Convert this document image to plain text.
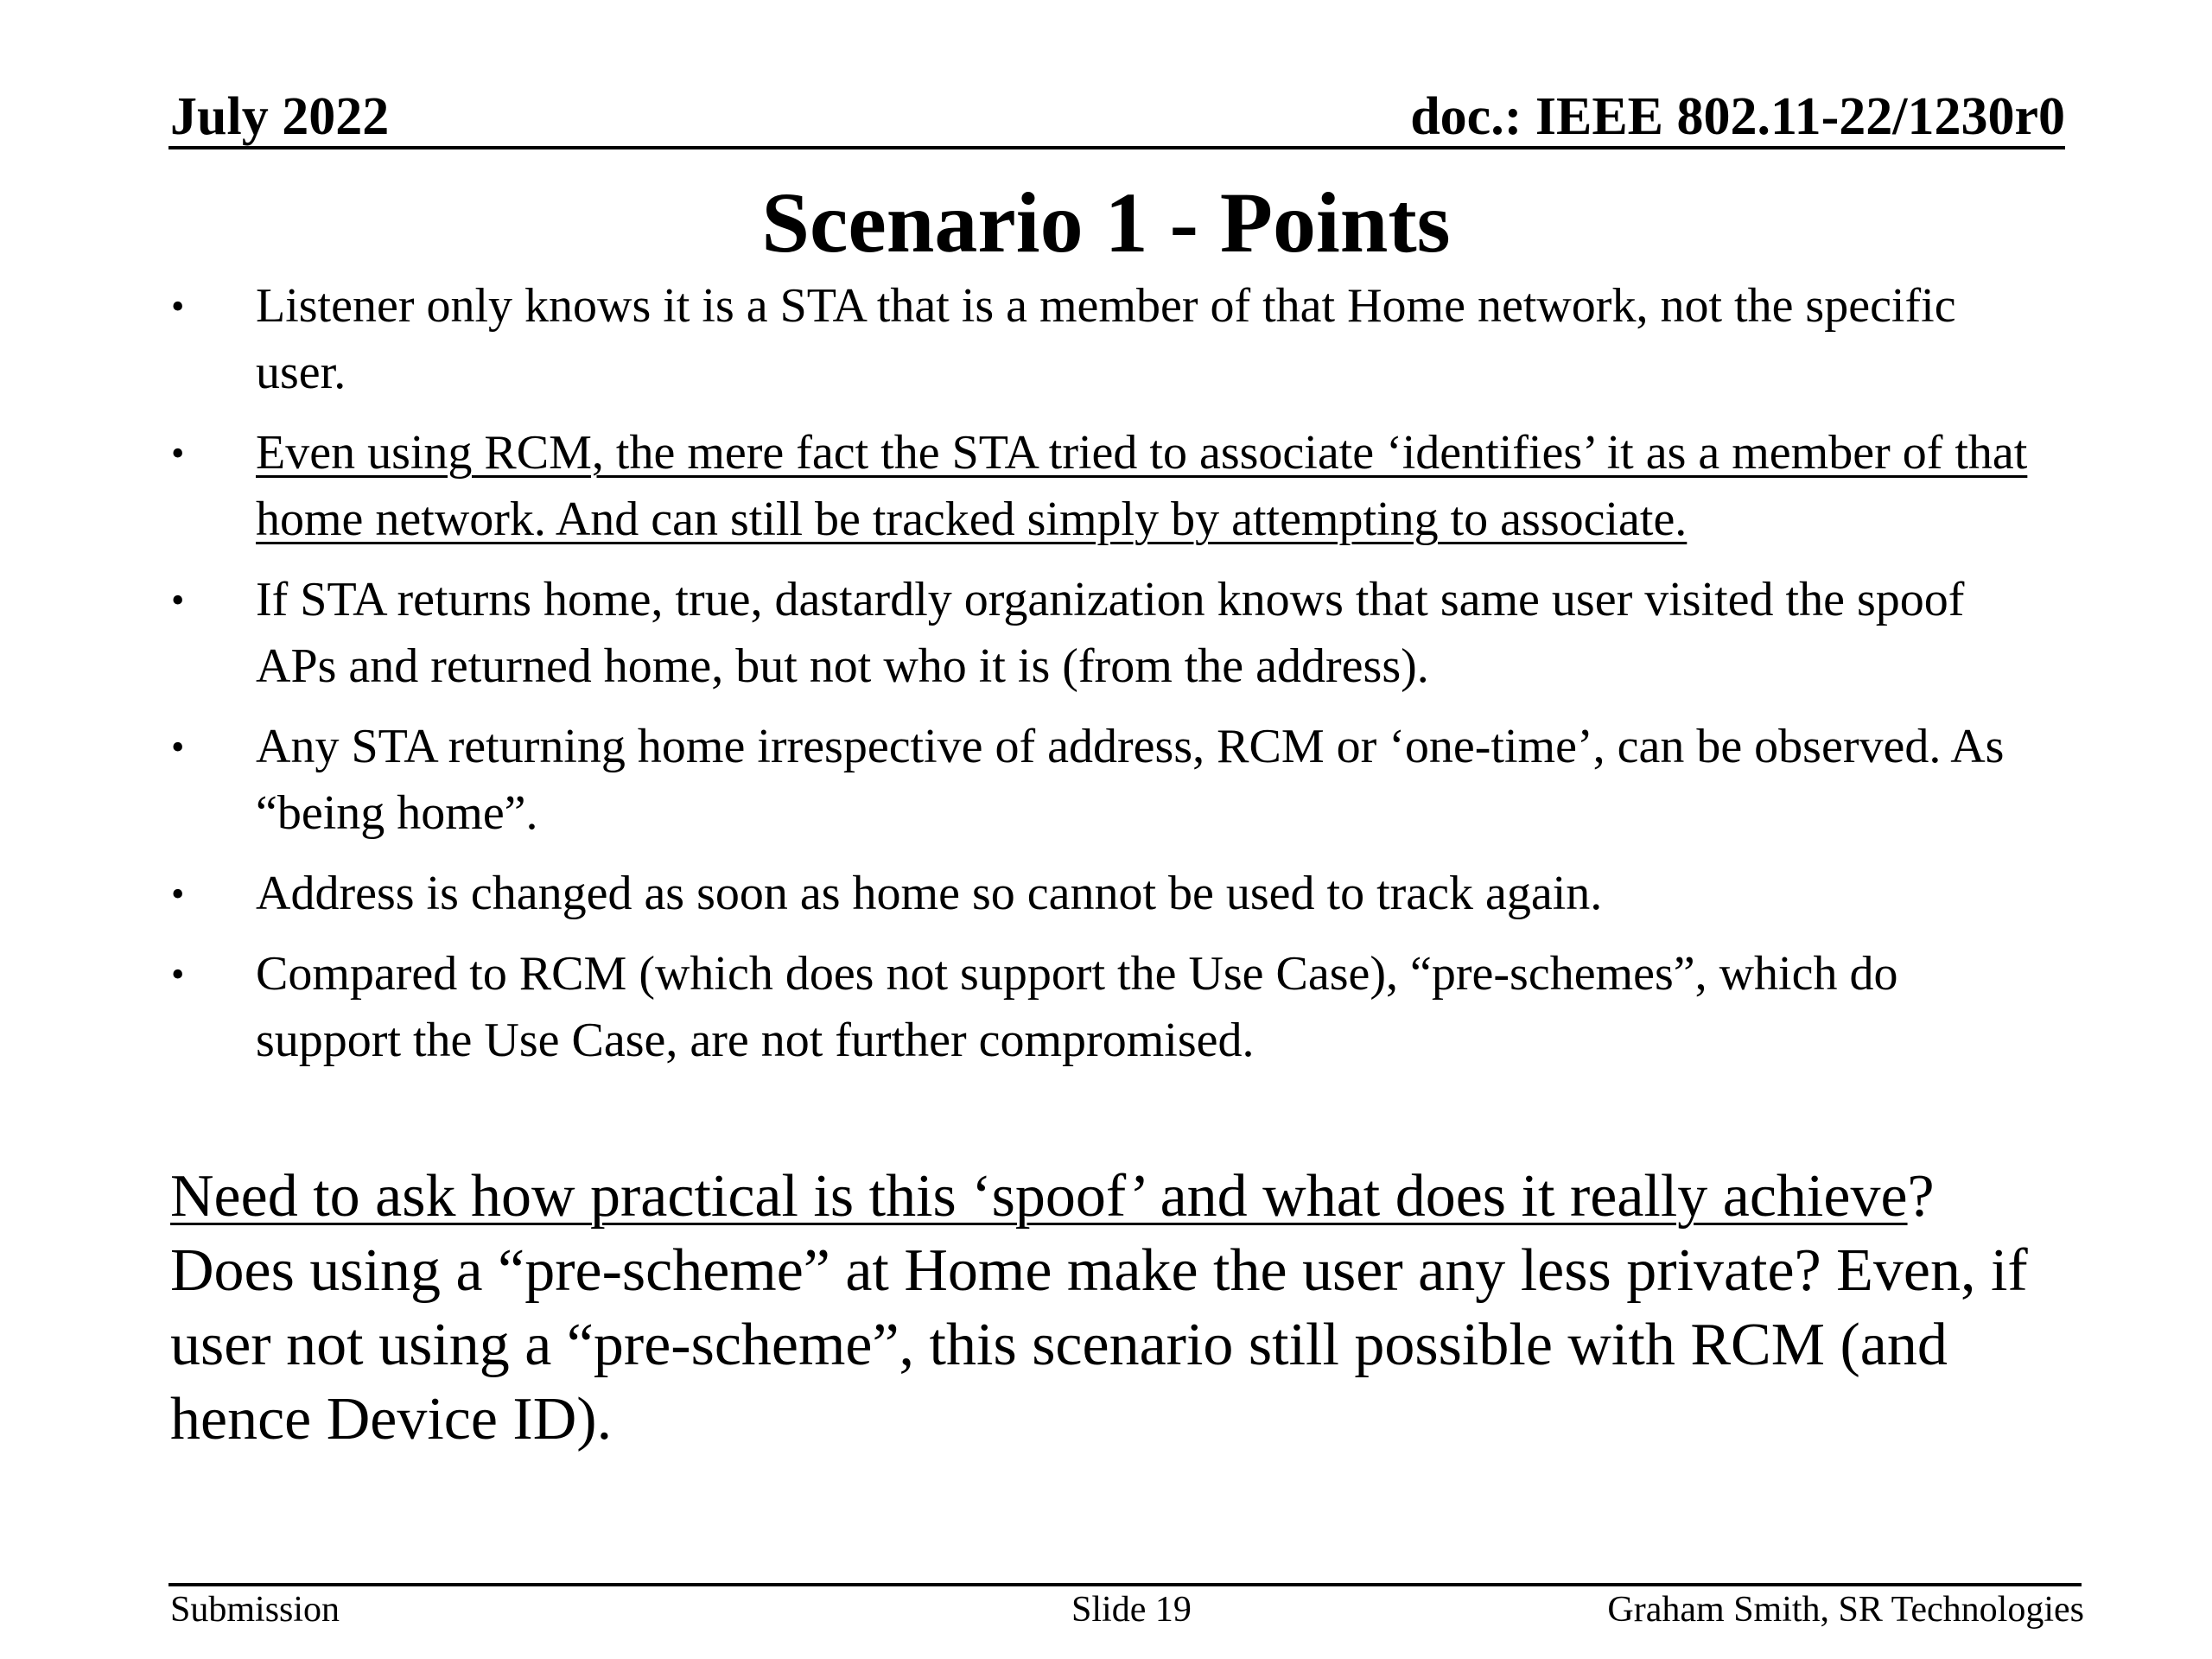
July 2022	doc.: IEEE 802.11-22/1230r0
Scenario 1 - Points
• Listener only knows it is a STA that is a member of that Home network, not the specific user.
• Even using RCM, the mere fact the STA tried to associate ‘identifies’ it as a member of that home network. And can still be tracked simply by attempting to associate.
• If STA returns home, true, dastardly organization knows that same user visited the spoof APs and returned home, but not who it is (from the address).
• Any STA returning home irrespective of address, RCM or ‘one-time’, can be observed. As “being home”.
• Address is changed as soon as home so cannot be used to track again.
• Compared to RCM (which does not support the Use Case), “pre-schemes”, which do support the Use Case, are not further compromised.
Need to ask how practical is this ‘spoof’ and what does it really achieve? Does using a “pre-scheme” at Home make the user any less private? Even, if user not using a “pre-scheme”, this scenario still possible with RCM (and hence Device ID).
Submission	Slide 19	Graham Smith, SR Technologies
